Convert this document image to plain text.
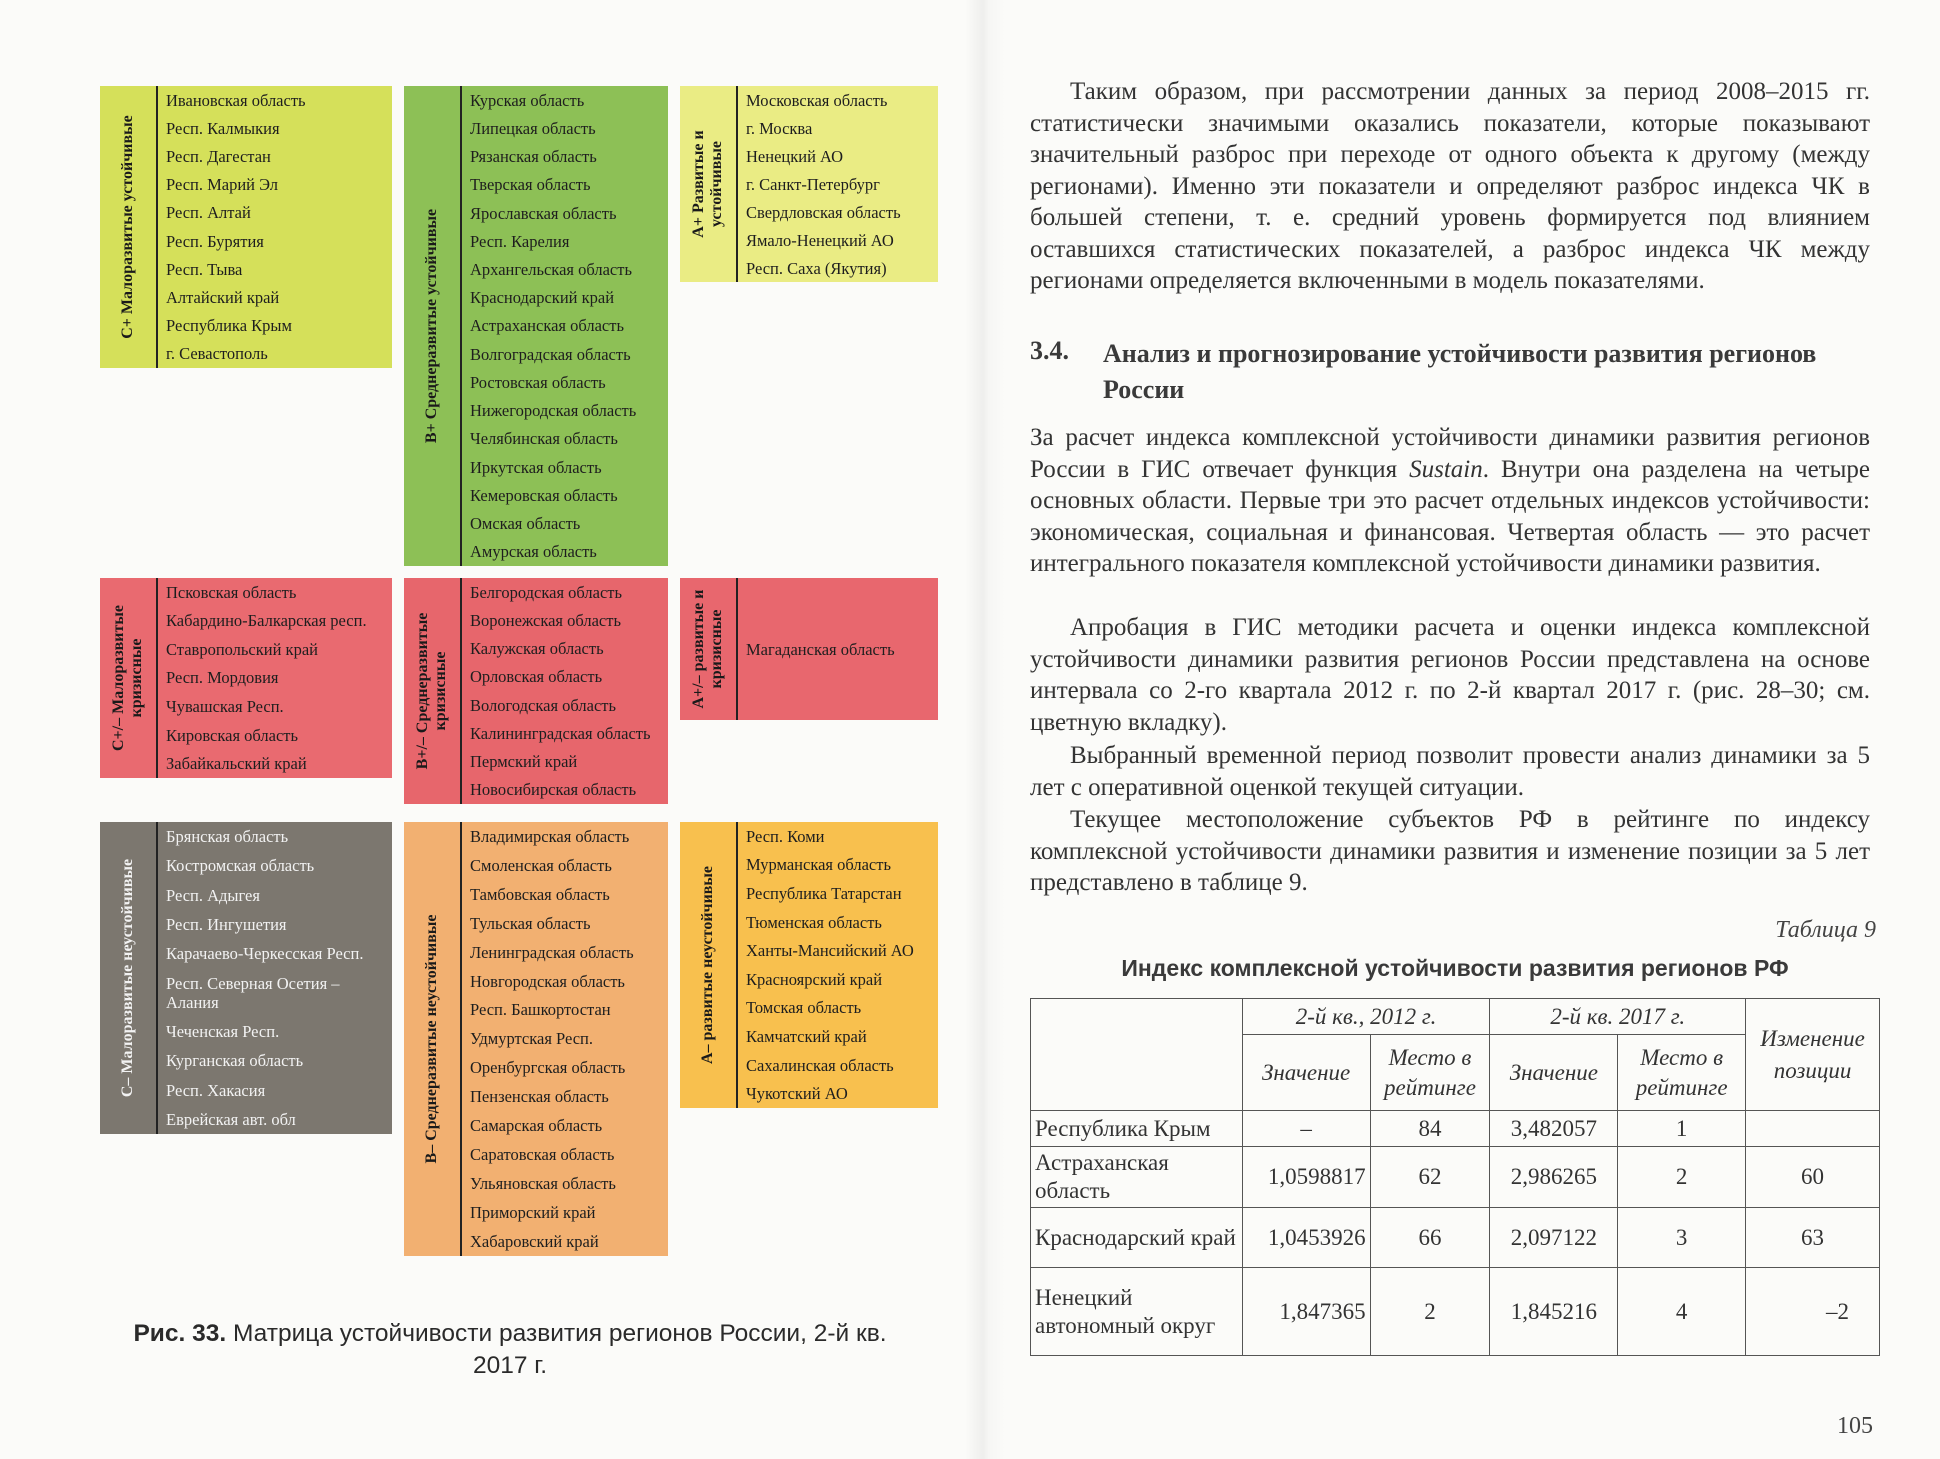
С+ Малоразвитые устойчивые
Ивановская область
Респ. Калмыкия
Респ. Дагестан
Респ. Марий Эл
Респ. Алтай
Респ. Бурятия
Респ. Тыва
Алтайский край
Республика Крым
г. Севастополь	В+ Среднеразвитые устойчивые
Курская область
Липецкая область
Рязанская область
Тверская область
Ярославская область
Респ. Карелия
Архангельская область
Краснодарский край
Астраханская область
Волгоградская область
Ростовская область
Нижегородская область
Челябинская область
Иркутская область
Кемеровская область
Омская область
Амурская область
А+ Развитые и устойчивые
Московская область
г. Москва
Ненецкий АО
г. Санкт-Петербург
Свердловская область
Ямало-Ненецкий АО
Респ. Саха (Якутия)
С+/– Малоразвитые кризисные
Псковская область
Кабардино-Балкарская респ.
Ставропольский край
Респ. Мордовия
Чувашская Респ.
Кировская область
Забайкальский край	В+/– Среднеразвитые кризисные
Белгородская область
Воронежская область
Калужская область
Орловская область
Вологодская область
Калининградская область
Пермский край
Новосибирская область
А+/– развитые и кризисные Магаданская область
С– Малоразвитые неустойчивые
Брянская область
Костромская область
Респ. Адыгея
Респ. Ингушетия
Карачаево-Черкесская Респ.
Респ. Северная Осетия – Алания
Чеченская Респ.
Курганская область
Респ. Хакасия
Еврейская авт. обл	В– Среднеразвитые неустойчивые
Владимирская область
Смоленская область
Тамбовская область
Тульская область
Ленинградская область
Новгородская область
Респ. Башкортостан
Удмуртская Респ.
Оренбургская область
Пензенская область
Самарская область
Саратовская область
Ульяновская область
Приморский край
Хабаровский край
А– развитые неустойчивые
Респ. Коми
Мурманская область
Республика Татарстан
Тюменская область
Ханты-Мансийский АО
Красноярский край
Томская область
Камчатский край
Сахалинская область
Чукотский АО
Рис. 33. Матрица устойчивости развития регионов России, 2-й кв. 2017 г.

Таким образом, при рассмотрении данных за период 2008–2015 гг. статистически значимыми оказались показатели, которые показывают значительный разброс при переходе от одного объекта к другому (между регионами). Именно эти показатели и определяют разброс индекса ЧК в большей степени, т. е. средний уровень формируется под влиянием оставшихся статистических показателей, а разброс индекса ЧК между регионами определяется включенными в модель показателями.

3.4. Анализ и прогнозирование устойчивости развития регионов России

За расчет индекса комплексной устойчивости динамики развития регионов России в ГИС отвечает функция Sustain. Внутри она разделена на четыре основных области. Первые три это расчет отдельных индексов устойчивости: экономическая, социальная и финансовая. Четвертая область — это расчет интегрального показателя комплексной устойчивости динамики развития.

Апробация в ГИС методики расчета и оценки индекса комплексной устойчивости динамики развития регионов России представлена на основе интервала со 2-го квартала 2012 г. по 2-й квартал 2017 г. (рис. 28–30; см. цветную вкладку).

Выбранный временной период позволит провести анализ динамики за 5 лет с оперативной оценкой текущей ситуации.

Текущее местоположение субъектов РФ в рейтинге по индексу комплексной устойчивости динамики развития и изменение позиции за 5 лет представлено в таблице 9.

Таблица 9
Индекс комплексной устойчивости развития регионов РФ
	2-й кв., 2012 г.		2-й кв. 2017 г.		Изменение позиции
	Значение	Место в рейтинге	Значение	Место в рейтинге	
Республика Крым	–	84	3,482057	1	
Астраханская область	1,0598817	62	2,986265	2	60
Краснодарский край	1,0453926	66	2,097122	3	63
Ненецкий автономный округ	1,847365	2	1,845216	4	–2
105
